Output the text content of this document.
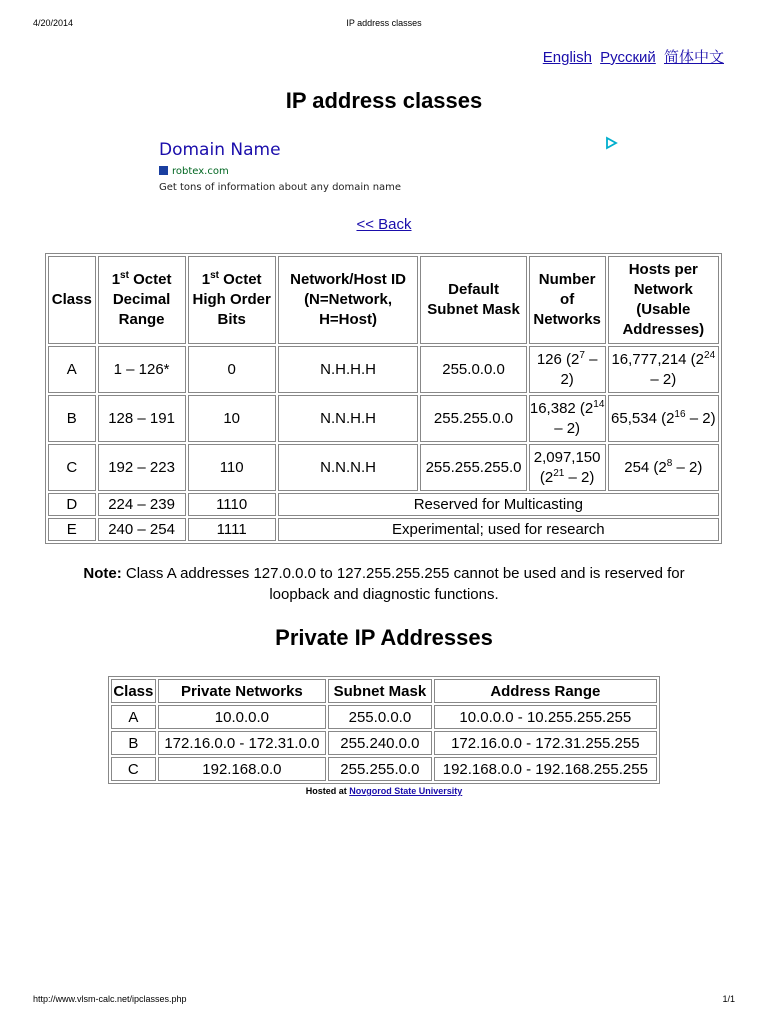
4/20/2014	IP address classes
English Русский 简体中文
IP address classes
Domain Name
robtex.com
Get tons of information about any domain name
<< Back
Class	1st Octet Decimal Range	1st Octet High Order Bits	Network/Host ID (N=Network, H=Host)	Default Subnet Mask	Number of Networks	Hosts per Network (Usable Addresses)
A	1 – 126*	0	N.H.H.H	255.0.0.0	126 $(2^7 - 2)$	16,777,214 $(2^{24} - 2)$
B	128 – 191	10	N.N.H.H	255.255.0.0	16,382 $(2^{14} - 2)$	65,534 $(2^{16} - 2)$
C	192 – 223	110	N.N.N.H	255.255.255.0	2,097,150 $(2^{21} - 2)$	254 $(2^8 - 2)$
D	224 – 239	1110	Reserved for Multicasting			
E	240 – 254	1111	Experimental; used for research			
Note: Class A addresses 127.0.0.0 to 127.255.255.255 cannot be used and is reserved for loopback and diagnostic functions.
Private IP Addresses
Class	Private Networks	Subnet Mask	Address Range
A	10.0.0.0	255.0.0.0	10.0.0.0 - 10.255.255.255
B	172.16.0.0 - 172.31.0.0	255.240.0.0	172.16.0.0 - 172.31.255.255
C	192.168.0.0	255.255.0.0	192.168.0.0 - 192.168.255.255
Hosted at Novgorod State University
http://www.vlsm-calc.net/ipclasses.php	1/1
